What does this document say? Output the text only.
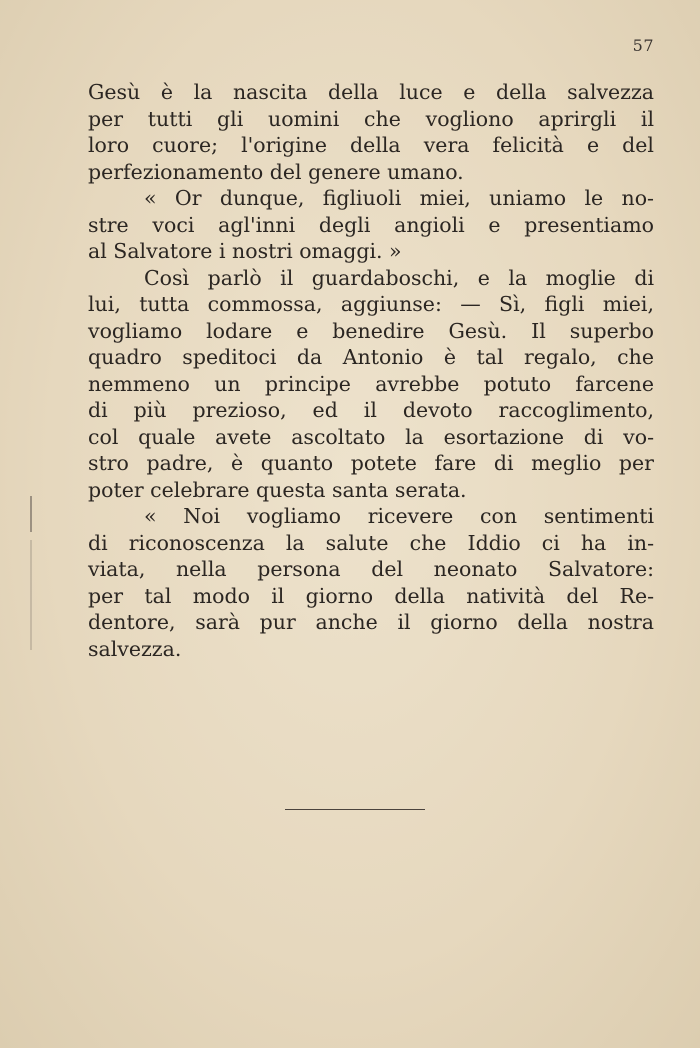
57
Gesù è la nascita della luce e della salvezza
per tutti gli uomini che vogliono aprirgli il
loro cuore; l'origine della vera felicità e del
perfezionamento del genere umano.
« Or dunque, figliuoli miei, uniamo le no-
stre voci agl'inni degli angioli e presentiamo
al Salvatore i nostri omaggi. »
Così parlò il guardaboschi, e la moglie di
lui, tutta commossa, aggiunse: — Sì, figli miei,
vogliamo lodare e benedire Gesù. Il superbo
quadro speditoci da Antonio è tal regalo, che
nemmeno un principe avrebbe potuto farcene
di più prezioso, ed il devoto raccoglimento,
col quale avete ascoltato la esortazione di vo-
stro padre, è quanto potete fare di meglio per
poter celebrare questa santa serata.
« Noi vogliamo ricevere con sentimenti
di riconoscenza la salute che Iddio ci ha in-
viata, nella persona del neonato Salvatore:
per tal modo il giorno della natività del Re-
dentore, sarà pur anche il giorno della nostra
salvezza.
